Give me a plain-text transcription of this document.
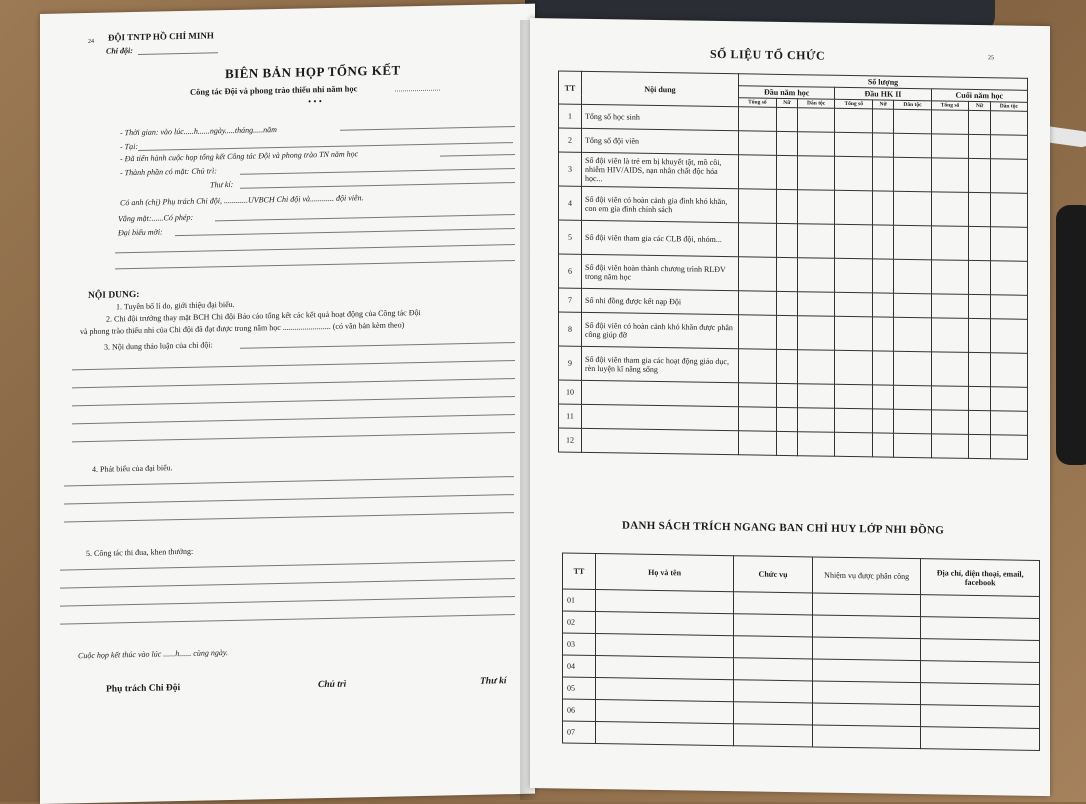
24 ĐỘI TNTP HỒ CHÍ MINH
Chi đội:
BIÊN BẢN HỌP TỔNG KẾT
Công tác Đội và phong trào thiếu nhi năm học
• • •
- Thời gian: vào lúc.....h......ngày.....tháng.....năm
- Tại:
- Đã tiến hành cuộc họp tổng kết Công tác Đội và phong trào TN năm học
- Thành phần có mặt: Chủ trì:
Thư kí:
Có anh (chị) Phụ trách Chi đội, ............UVBCH Chi đội và............ đội viên.
Vắng mặt:......Có phép:
Đại biểu mời:
NỘI DUNG:
1. Tuyên bố lí do, giới thiệu đại biểu.
2. Chi đội trưởng thay mặt BCH Chi đội Báo cáo tổng kết các kết quả hoạt động của Công tác Đội
và phong trào thiếu nhi của Chi đội đã đạt được trong năm học ........................ (có văn bản kèm theo)
3. Nội dung thảo luận của chi đội:
4. Phát biểu của đại biểu.
5. Công tác thi đua, khen thưởng:
Cuộc họp kết thúc vào lúc ......h...... cùng ngày.
Phụ trách Chi Đội	Chủ trì	Thư kí
25
SỐ LIỆU TỔ CHỨC
TT	Nội dung	Số lượng								
		Đầu năm học			Đầu HK II			Cuối năm học		
		Tổng số	Nữ	Dân tộc	Tổng số	Nữ	Dân tộc	Tổng số	Nữ	Dân tộc
1	Tổng số học sinh									
2	Tổng số đội viên									
3	Số đội viên là trẻ em bị khuyết tật, mồ côi, nhiễm HIV/AIDS, nạn nhân chất độc hóa học...									
4	Số đội viên có hoàn cảnh gia đình khó khăn, con em gia đình chính sách									
5	Số đội viên tham gia các CLB đội, nhóm...									
6	Số đội viên hoàn thành chương trình RLĐV trong năm học									
7	Số nhi đồng được kết nạp Đội									
8	Số đội viên có hoàn cảnh khó khăn được phân công giúp đỡ									
9	Số đội viên tham gia các hoạt động giáo dục, rèn luyện kĩ năng sống									
10										
11										
12										
DANH SÁCH TRÍCH NGANG BAN CHỈ HUY LỚP NHI ĐỒNG
TT	Họ và tên	Chức vụ	Nhiệm vụ được phân công	Địa chỉ, điện thoại, email, facebook
01				
02				
03				
04				
05				
06				
07				
